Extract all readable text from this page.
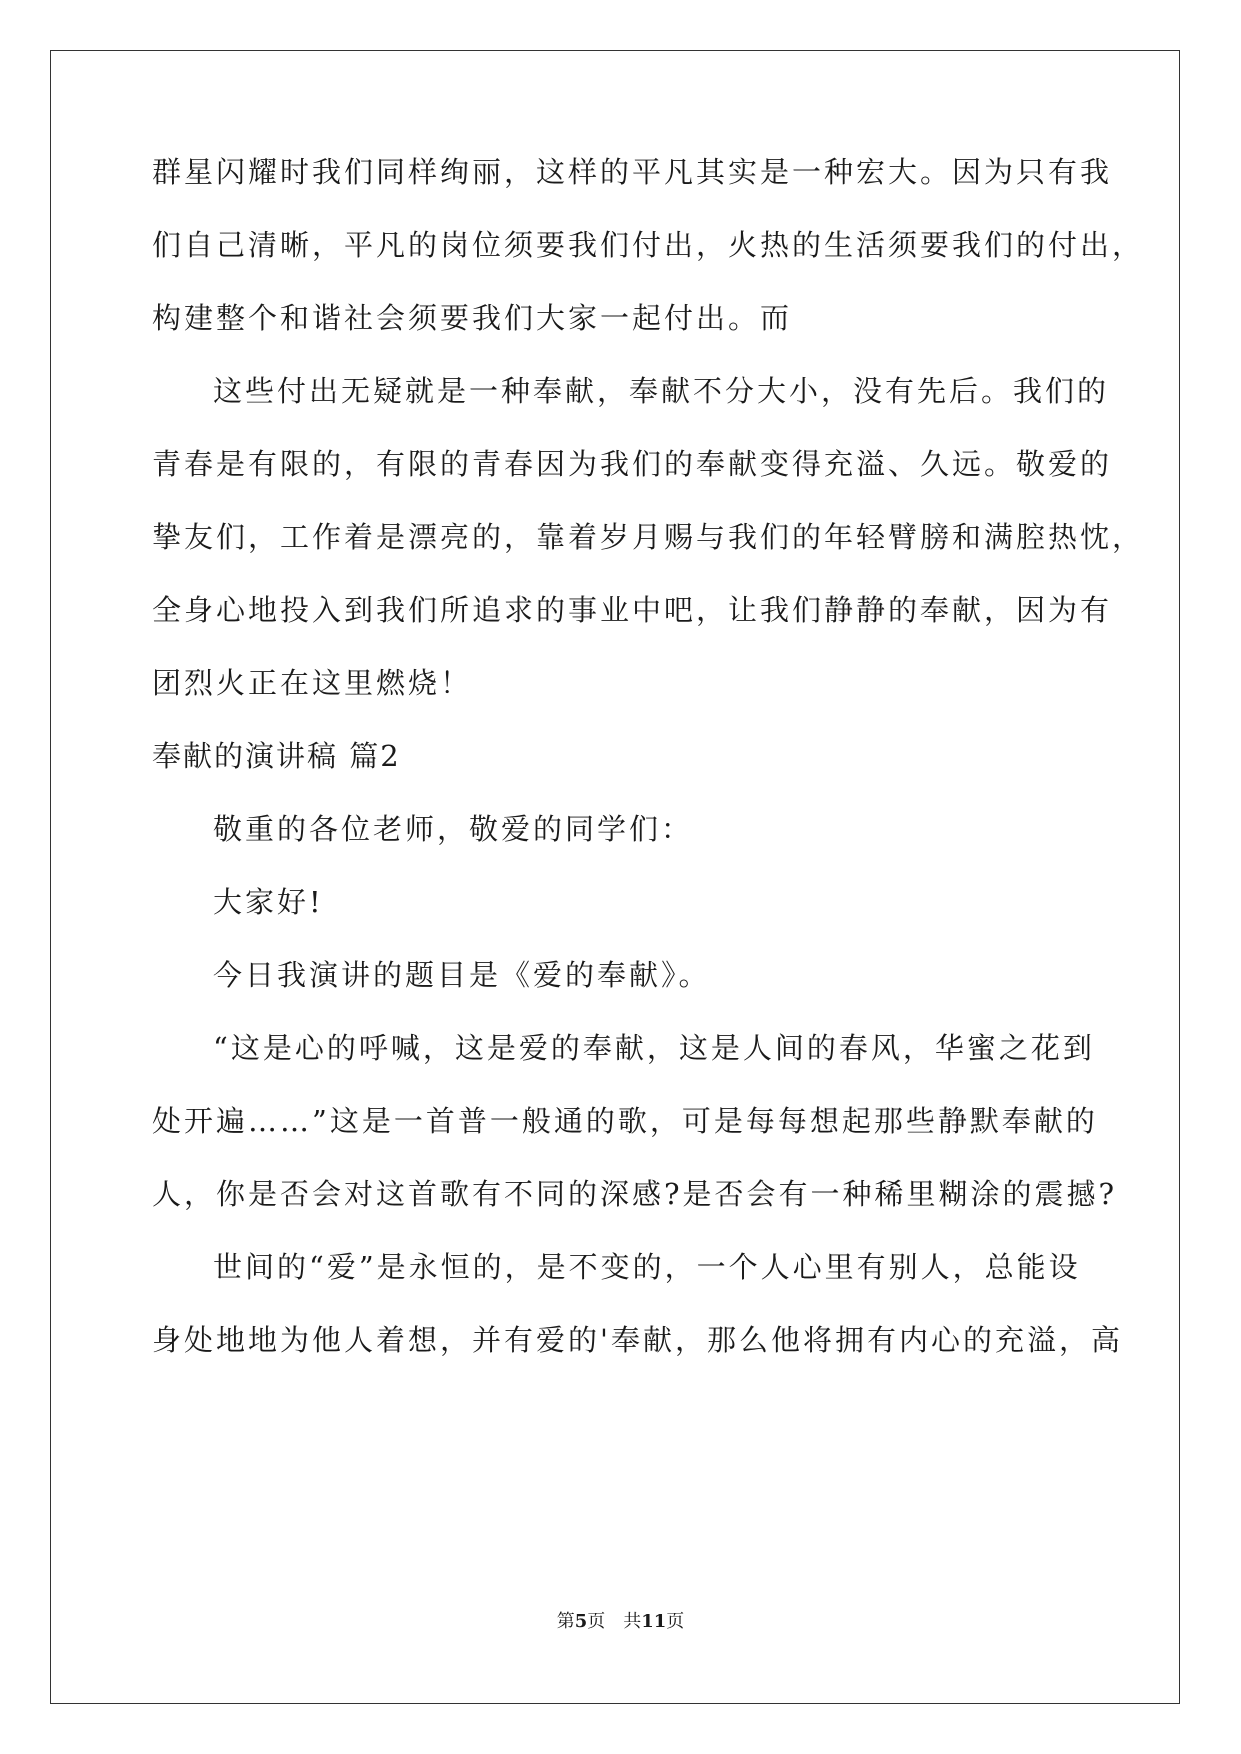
群星闪耀时我们同样绚丽，这样的平凡其实是一种宏大。因为只有我

们自己清晰，平凡的岗位须要我们付出，火热的生活须要我们的付出，

构建整个和谐社会须要我们大家一起付出。而

这些付出无疑就是一种奉献，奉献不分大小，没有先后。我们的

青春是有限的，有限的青春因为我们的奉献变得充溢、久远。敬爱的

挚友们，工作着是漂亮的，靠着岁月赐与我们的年轻臂膀和满腔热忱，

全身心地投入到我们所追求的事业中吧，让我们静静的奉献，因为有

团烈火正在这里燃烧！

奉献的演讲稿 篇2

敬重的各位老师，敬爱的同学们：

大家好!

今日我演讲的题目是《爱的奉献》。

“这是心的呼喊，这是爱的奉献，这是人间的春风，华蜜之花到

处开遍……”这是一首普一般通的歌，可是每每想起那些静默奉献的

人，你是否会对这首歌有不同的深感?是否会有一种稀里糊涂的震撼?

世间的“爱”是永恒的，是不变的，一个人心里有别人，总能设

身处地地为他人着想，并有爱的'奉献，那么他将拥有内心的充溢，高

第5页　共11页
